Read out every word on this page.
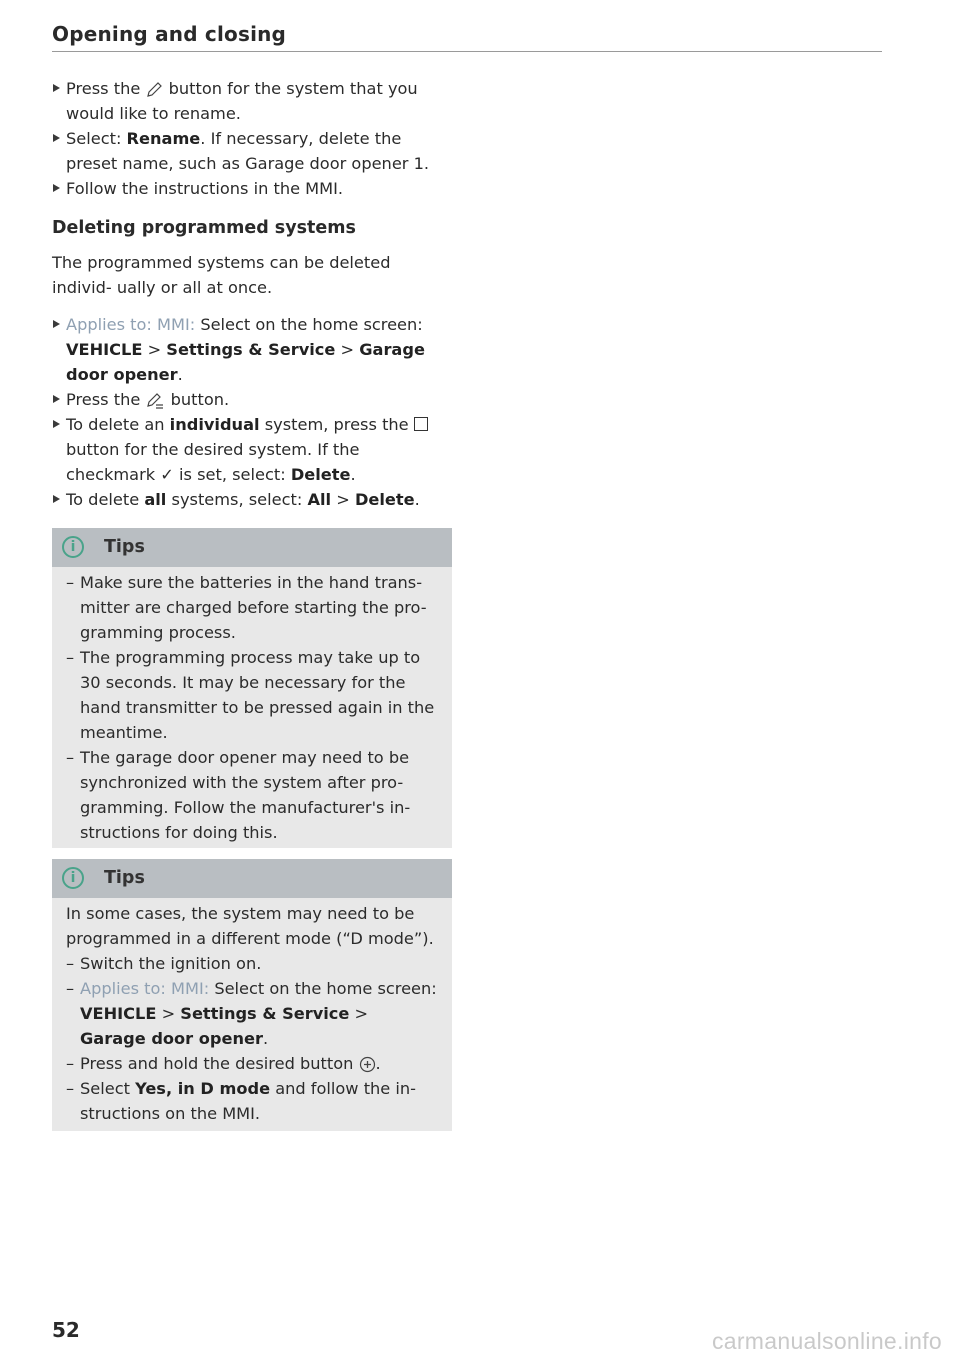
Opening and closing
Press the  button for the system that you would like to rename.
Select: Rename. If necessary, delete the preset name, such as Garage door opener 1.
Follow the instructions in the MMI.
Deleting programmed systems

The programmed systems can be deleted individ- ually or all at once.

Applies to: MMI: Select on the home screen: VEHICLE > Settings & Service > Garage door opener.
Press the  button.
To delete an individual system, press the  button for the desired system. If the checkmark ✓ is set, select: Delete.
To delete all systems, select: All > Delete.
i	Tips
– Make sure the batteries in the hand trans- mitter are charged before starting the pro- gramming process.
– The programming process may take up to 30 seconds. It may be necessary for the hand transmitter to be pressed again in the meantime.
– The garage door opener may need to be synchronized with the system after pro- gramming. Follow the manufacturer's in- structions for doing this.
i	Tips

In some cases, the system may need to be programmed in a different mode (“D mode”).

– Switch the ignition on.
– Applies to: MMI: Select on the home screen: VEHICLE > Settings & Service > Garage door opener.
– Press and hold the desired button .
– Select Yes, in D mode and follow the in- structions on the MMI.
52	carmanualsonline.info
